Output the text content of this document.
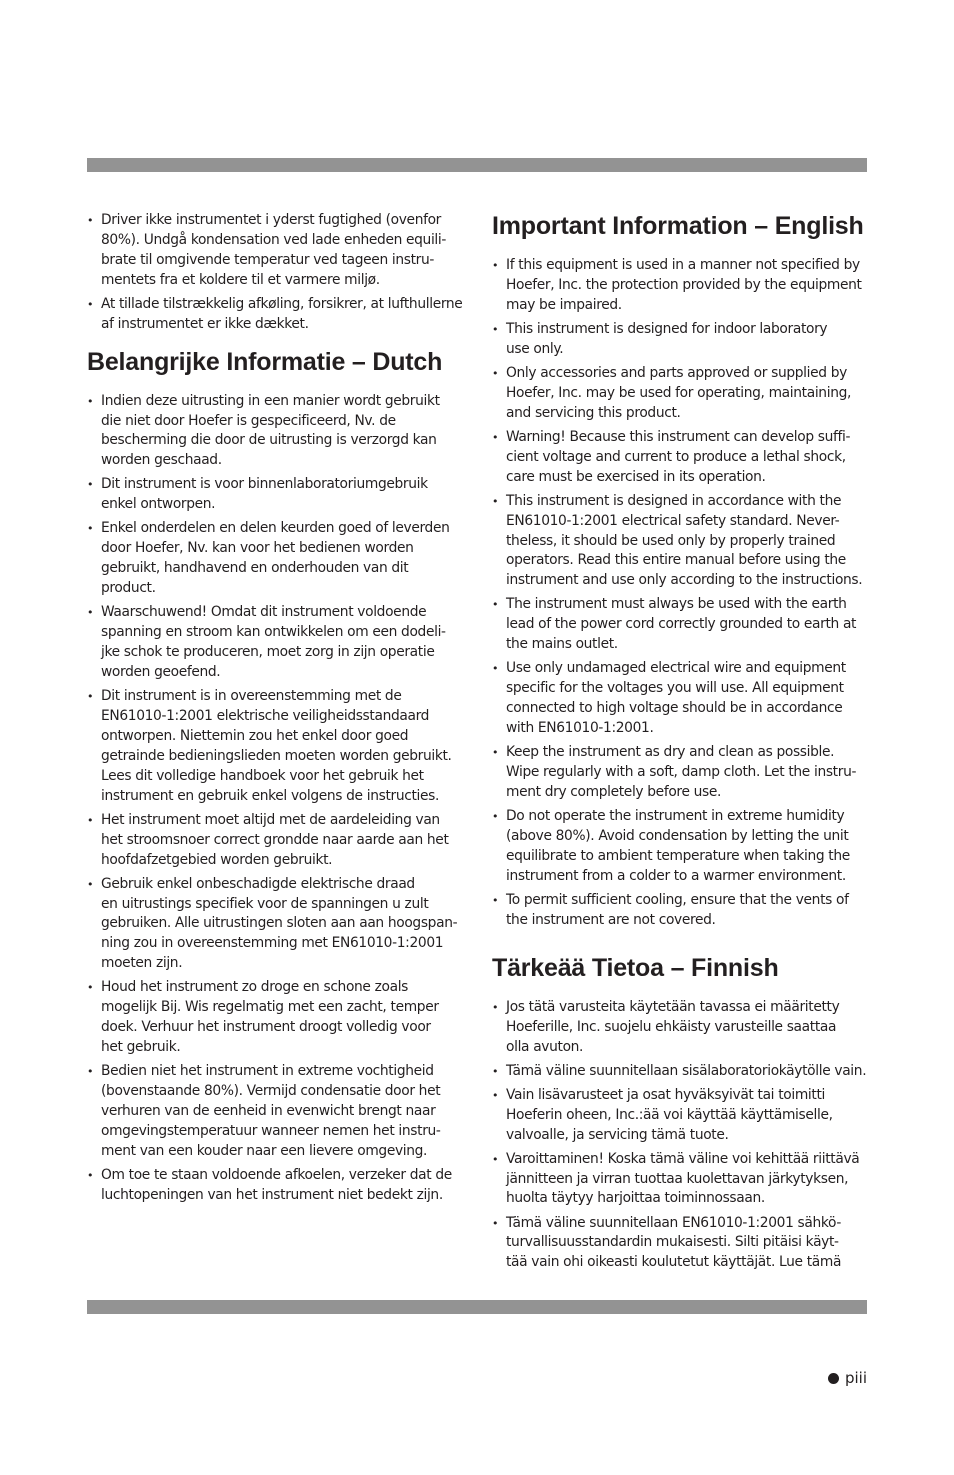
• Driver ikke instrumentet i yderst fugtighed (ovenfor
80%). Undgå kondensation ved lade enheden equili-
brate til omgivende temperatur ved tageen instru-
mentets fra et koldere til et varmere miljø.
• At tillade tilstrækkelig afkøling, forsikrer, at lufthullerne
af instrumentet er ikke dækket.
Belangrijke Informatie – Dutch
• Indien deze uitrusting in een manier wordt gebruikt
die niet door Hoefer is gespecificeerd, Nv. de
bescherming die door de uitrusting is verzorgd kan
worden geschaad.
• Dit instrument is voor binnenlaboratoriumgebruik
enkel ontworpen.
• Enkel onderdelen en delen keurden goed of leverden
door Hoefer, Nv. kan voor het bedienen worden
gebruikt, handhavend en onderhouden van dit
product.
• Waarschuwend! Omdat dit instrument voldoende
spanning en stroom kan ontwikkelen om een dodeli-
jke schok te produceren, moet zorg in zijn operatie
worden geoefend.
• Dit instrument is in overeenstemming met de
EN61010-1:2001 elektrische veiligheidsstandaard
ontworpen. Niettemin zou het enkel door goed
getrainde bedieningslieden moeten worden gebruikt.
Lees dit volledige handboek voor het gebruik het
instrument en gebruik enkel volgens de instructies.
• Het instrument moet altijd met de aardeleiding van
het stroomsnoer correct grondde naar aarde aan het
hoofdafzetgebied worden gebruikt.
• Gebruik enkel onbeschadigde elektrische draad
en uitrustings specifiek voor de spanningen u zult
gebruiken. Alle uitrustingen sloten aan aan hoogspan-
ning zou in overeenstemming met EN61010-1:2001
moeten zijn.
• Houd het instrument zo droge en schone zoals
mogelijk Bij. Wis regelmatig met een zacht, temper
doek. Verhuur het instrument droogt volledig voor
het gebruik.
• Bedien niet het instrument in extreme vochtigheid
(bovenstaande 80%). Vermijd condensatie door het
verhuren van de eenheid in evenwicht brengt naar
omgevingstemperatuur wanneer nemen het instru-
ment van een kouder naar een lievere omgeving.
• Om toe te staan voldoende afkoelen, verzeker dat de
luchtopeningen van het instrument niet bedekt zijn.
Important Information – English
• If this equipment is used in a manner not specified by
Hoefer, Inc. the protection provided by the equipment
may be impaired.
• This instrument is designed for indoor laboratory
use only.
• Only accessories and parts approved or supplied by
Hoefer, Inc. may be used for operating, maintaining,
and servicing this product.
• Warning! Because this instrument can develop suffi-
cient voltage and current to produce a lethal shock,
care must be exercised in its operation.
• This instrument is designed in accordance with the
EN61010-1:2001 electrical safety standard. Never-
theless, it should be used only by properly trained
operators. Read this entire manual before using the
instrument and use only according to the instructions.
• The instrument must always be used with the earth
lead of the power cord correctly grounded to earth at
the mains outlet.
• Use only undamaged electrical wire and equipment
specific for the voltages you will use. All equipment
connected to high voltage should be in accordance
with EN61010-1:2001.
• Keep the instrument as dry and clean as possible.
Wipe regularly with a soft, damp cloth. Let the instru-
ment dry completely before use.
• Do not operate the instrument in extreme humidity
(above 80%). Avoid condensation by letting the unit
equilibrate to ambient temperature when taking the
instrument from a colder to a warmer environment.
• To permit sufficient cooling, ensure that the vents of
the instrument are not covered.
Tärkeää Tietoa – Finnish
• Jos tätä varusteita käytetään tavassa ei määritetty
Hoeferille, Inc. suojelu ehkäisty varusteille saattaa
olla avuton.
• Tämä väline suunnitellaan sisälaboratoriokäytölle vain.
• Vain lisävarusteet ja osat hyväksyivät tai toimitti
Hoeferin oheen, Inc.:ää voi käyttää käyttämiselle,
valvoalle, ja servicing tämä tuote.
• Varoittaminen! Koska tämä väline voi kehittää riittävä
jännitteen ja virran tuottaa kuolettavan järkytyksen,
huolta täytyy harjoittaa toiminnossaan.
• Tämä väline suunnitellaan EN61010-1:2001 sähkö-
turvallisuusstandardin mukaisesti. Silti pitäisi käyt-
tää vain ohi oikeasti koulutetut käyttäjät. Lue tämä
piii
